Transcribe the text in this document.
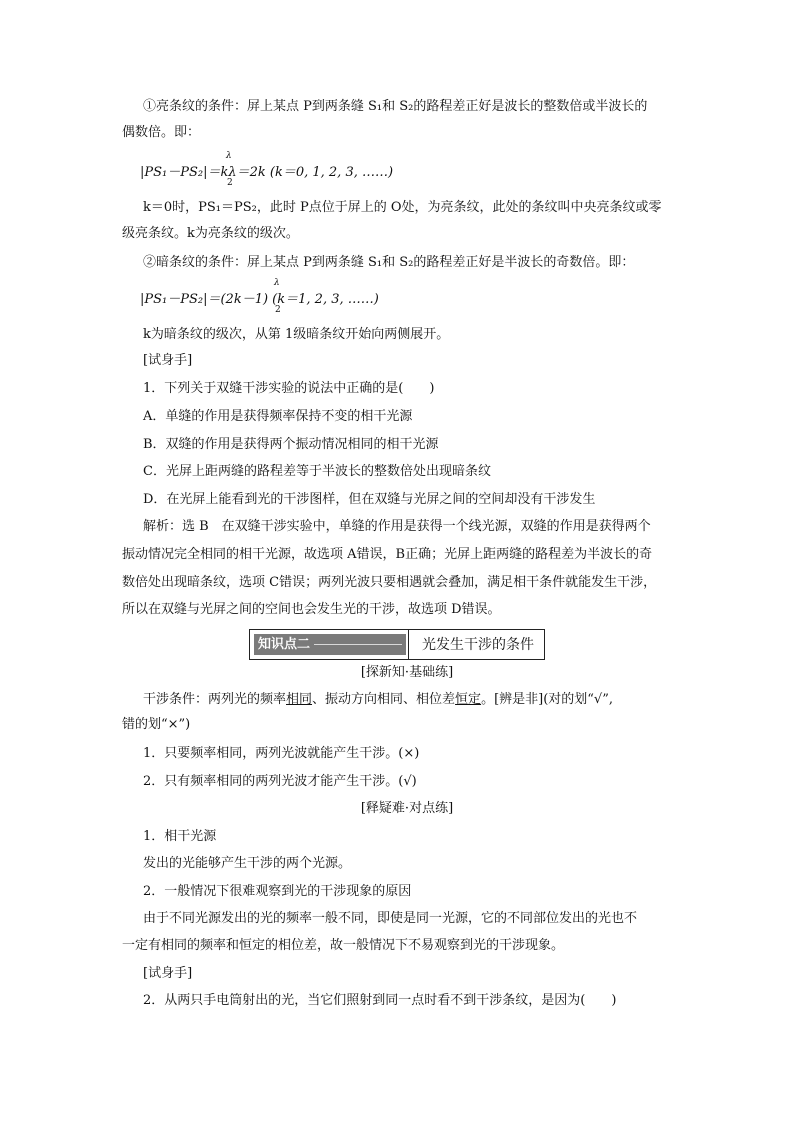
①亮条纹的条件：屏上某点 P到两条缝 S₁和 S₂的路程差正好是波长的整数倍或半波长的
偶数倍。即：
λ
|PS₁－PS₂|＝kλ＝2k (k＝0, 1, 2, 3, ……)
2
k＝0时，PS₁＝PS₂，此时 P点位于屏上的 O处，为亮条纹，此处的条纹叫中央亮条纹或零
级亮条纹。k为亮条纹的级次。
②暗条纹的条件：屏上某点 P到两条缝 S₁和 S₂的路程差正好是半波长的奇数倍。即：
λ
|PS₁－PS₂|＝(2k－1) (k＝1, 2, 3, ……)
2
k为暗条纹的级次，从第 1级暗条纹开始向两侧展开。
[试身手]
1．下列关于双缝干涉实验的说法中正确的是(　　)
A．单缝的作用是获得频率保持不变的相干光源
B．双缝的作用是获得两个振动情况相同的相干光源
C．光屏上距两缝的路程差等于半波长的整数倍处出现暗条纹
D．在光屏上能看到光的干涉图样，但在双缝与光屏之间的空间却没有干涉发生
解析：选 B　在双缝干涉实验中，单缝的作用是获得一个线光源，双缝的作用是获得两个
振动情况完全相同的相干光源，故选项 A错误，B正确；光屏上距两缝的路程差为半波长的奇
数倍处出现暗条纹，选项 C错误；两列光波只要相遇就会叠加，满足相干条件就能发生干涉，
所以在双缝与光屏之间的空间也会发生光的干涉，故选项 D错误。
知识点二	光发生干涉的条件
[探新知·基础练]
干涉条件：两列光的频率相同、振动方向相同、相位差恒定。[辨是非](对的划“√”,
错的划“×”)
1．只要频率相同，两列光波就能产生干涉。(×)
2．只有频率相同的两列光波才能产生干涉。(√)
[释疑难·对点练]
1．相干光源
发出的光能够产生干涉的两个光源。
2．一般情况下很难观察到光的干涉现象的原因
由于不同光源发出的光的频率一般不同，即使是同一光源，它的不同部位发出的光也不
一定有相同的频率和恒定的相位差，故一般情况下不易观察到光的干涉现象。
[试身手]
2．从两只手电筒射出的光，当它们照射到同一点时看不到干涉条纹，是因为(　　)
